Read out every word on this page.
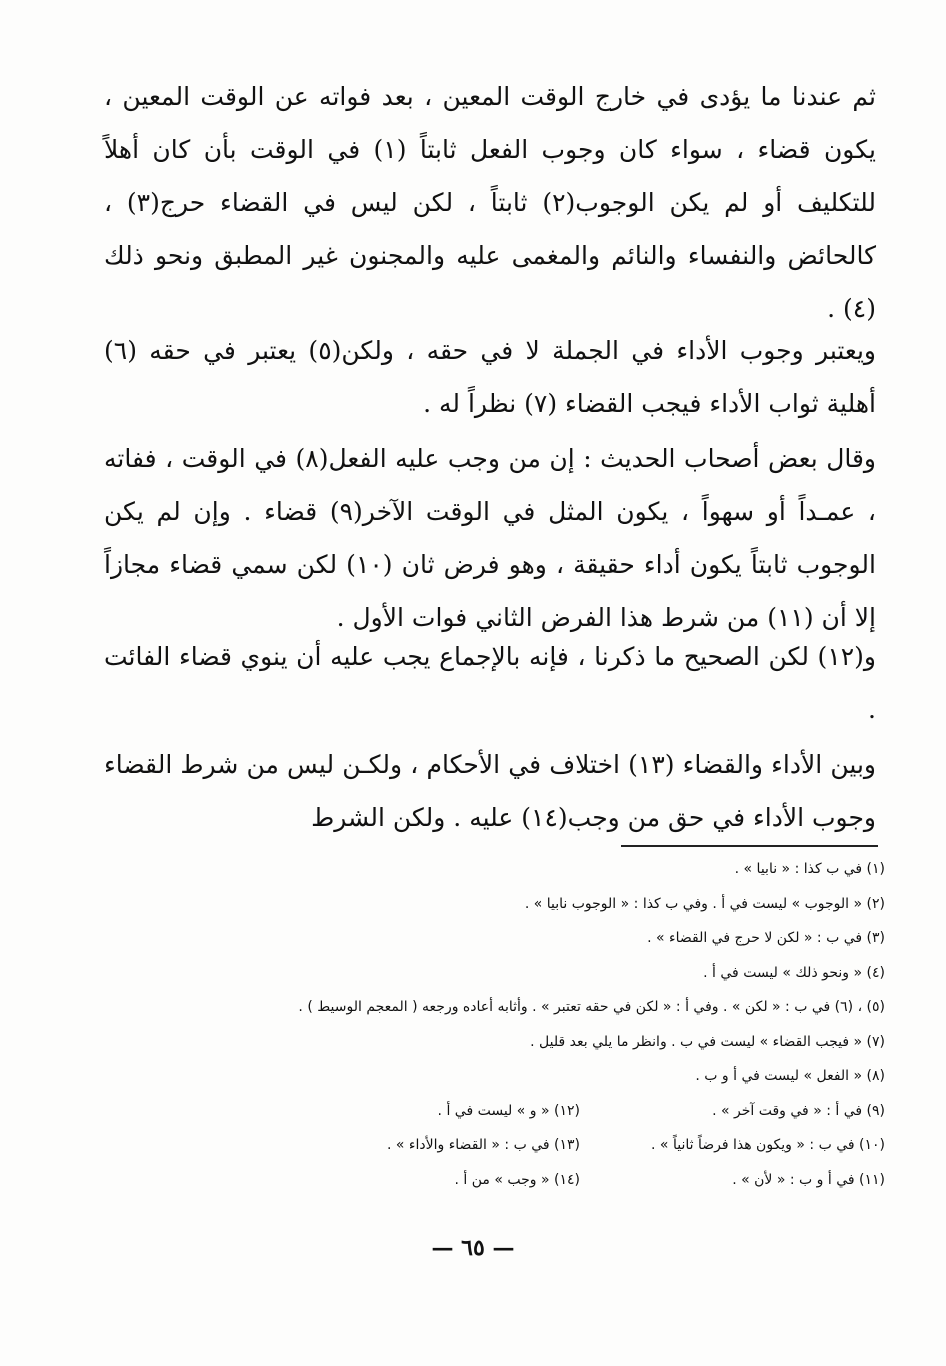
ثم عندنا ما يؤدى في خارج الوقت المعين ، بعد فواته عن الوقت المعين ، يكون قضاء ، سواء كان وجوب الفعل ثابتاً (١) في الوقت بأن كان أهلاً للتكليف أو لم يكن الوجوب(٢) ثابتاً ، لكن ليس في القضاء حرج(٣) ، كالحائض والنفساء والنائم والمغمى عليه والمجنون غير المطبق ونحو ذلك (٤) .

ويعتبر وجوب الأداء في الجملة لا في حقه ، ولكن(٥) يعتبر في حقه (٦) أهلية ثواب الأداء فيجب القضاء (٧) نظراً له .

وقال بعض أصحاب الحديث : إن من وجب عليه الفعل(٨) في الوقت ، ففاته ، عمـداً أو سهواً ، يكون المثل في الوقت الآخر(٩) قضاء . وإن لم يكن الوجوب ثابتاً يكون أداء حقيقة ، وهو فرض ثان (١٠) لكن سمي قضاء مجازاً إلا أن (١١) من شرط هذا الفرض الثاني فوات الأول .

و(١٢) لكن الصحيح ما ذكرنا ، فإنه بالإجماع يجب عليه أن ينوي قضاء الفائت .

وبين الأداء والقضاء (١٣) اختلاف في الأحكام ، ولكـن ليس من شرط القضاء وجوب الأداء في حق من وجب(١٤) عليه . ولكن الشرط

(١) في ب كذا : « نابيا » .
(٢) « الوجوب » ليست في أ . وفي ب كذا : « الوجوب نابيا » .
(٣) في ب : « لكن لا حرج في القضاء » .
(٤) « ونحو ذلك » ليست في أ .
(٥) ، (٦) في ب : « لكن » . وفي أ : « لكن في حقه تعتبر » . وأثابه أعاده ورجعه ( المعجم الوسيط ) .
(٧) « فيجب القضاء » ليست في ب . وانظر ما يلي بعد قليل .
(٨) « الفعل » ليست في أ و ب .
(٩) في أ : « في وقت آخر » .
(١٢) « و » ليست في أ .
(١٠) في ب : « ويكون هذا فرضاً ثانياً » .
(١٣) في ب : « القضاء والأداء » .
(١١) في أ و ب : « لأن » .
(١٤) « وجب » من أ .
— ٦٥ —
